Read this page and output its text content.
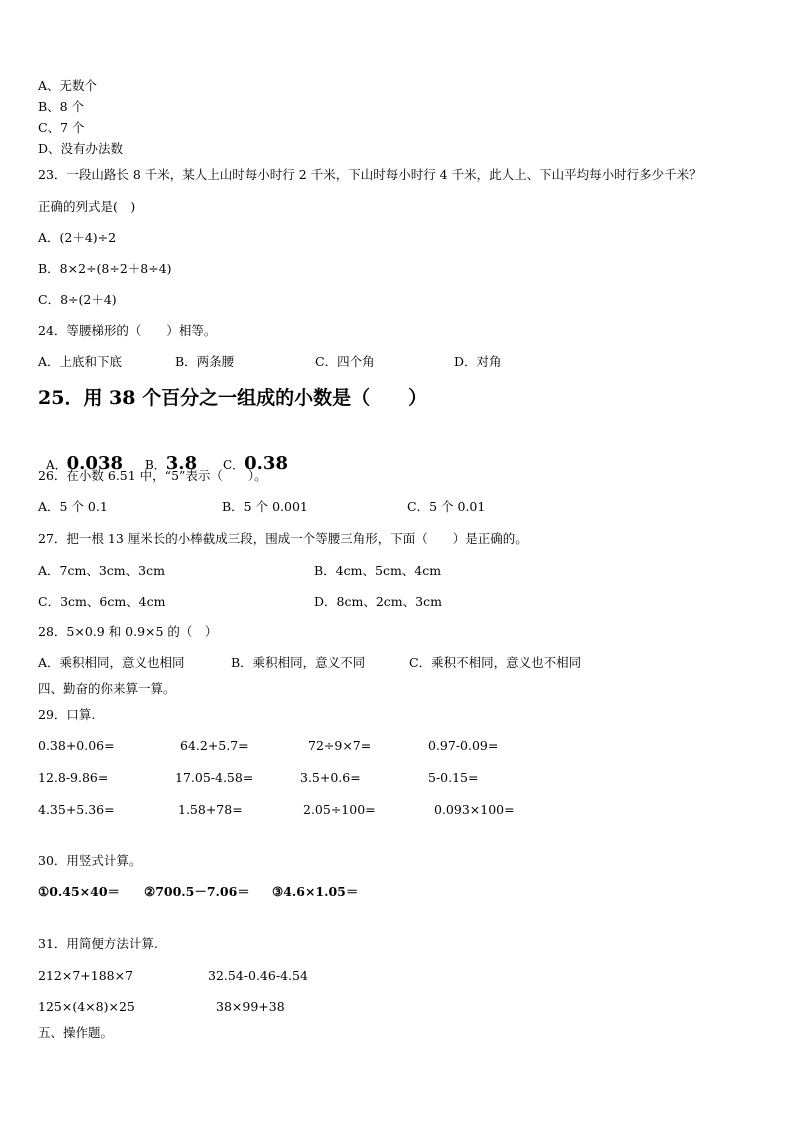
A、无数个
B、8 个
C、7 个
D、没有办法数
23．一段山路长 8 千米，某人上山时每小时行 2 千米，下山时每小时行 4 千米，此人上、下山平均每小时行多少千米？
正确的列式是(　)
A．(2＋4)÷2
B．8×2÷(8÷2＋8÷4)
C．8÷(2＋4)
24．等腰梯形的（　　）相等。
A．上底和下底	B．两条腰	C．四个角	D．对角
25．用 38 个百分之一组成的小数是（　　）

A．0.038	B．3.8	C．0.38

26．在小数 6.51 中，“5”表示（　　）。
A．5 个 0.1	B．5 个 0.001	C．5 个 0.01
27．把一根 13 厘米长的小棒截成三段，围成一个等腰三角形，下面（　　）是正确的。
A．7cm、3cm、3cm	B．4cm、5cm、4cm
C．3cm、6cm、4cm	D．8cm、2cm、3cm
28．5×0.9 和 0.9×5 的（　）
A．乘积相同，意义也相同	B．乘积相同，意义不同	C．乘积不相同，意义也不相同
四、勤奋的你来算一算。
29．口算.
0.38+0.06=	64.2+5.7=	72÷9×7=	0.97-0.09=
12.8-9.86=	17.05-4.58=	3.5+0.6=	5-0.15=
4.35+5.36=	1.58+78=	2.05÷100=	0.093×100=
30．用竖式计算。
①0.45×40＝ ②700.5－7.06＝ ③4.6×1.05＝
31．用简便方法计算.
212×7+188×7	32.54-0.46-4.54
125×(4×8)×25	38×99+38
五、操作题。
